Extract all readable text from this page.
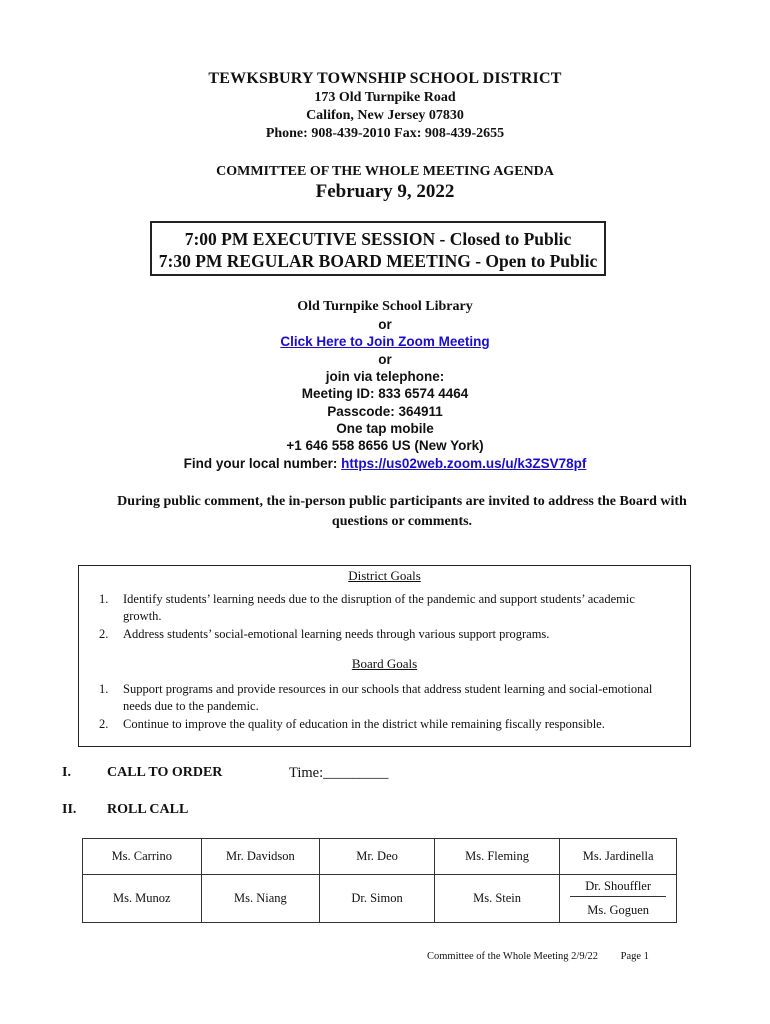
TEWKSBURY TOWNSHIP SCHOOL DISTRICT
173 Old Turnpike Road
Califon, New Jersey 07830
Phone: 908-439-2010 Fax: 908-439-2655
COMMITTEE OF THE WHOLE MEETING AGENDA
February 9, 2022
7:00 PM EXECUTIVE SESSION - Closed to Public
7:30 PM REGULAR BOARD MEETING - Open to Public
Old Turnpike School Library
or
Click Here to Join Zoom Meeting
or
join via telephone:
Meeting ID: 833 6574 4464
Passcode: 364911
One tap mobile
+1 646 558 8656 US (New York)
Find your local number: https://us02web.zoom.us/u/k3ZSV78pf
During public comment, the in-person public participants are invited to address the Board with questions or comments.
District Goals
1. Identify students’ learning needs due to the disruption of the pandemic and support students’ academic growth.
2. Address students’ social-emotional learning needs through various support programs.
Board Goals
1. Support programs and provide resources in our schools that address student learning and social-emotional needs due to the pandemic.
2. Continue to improve the quality of education in the district while remaining fiscally responsible.
I.	CALL TO ORDER	Time:_________
II. ROLL CALL
Ms. Carrino	Mr. Davidson	Mr. Deo	Ms. Fleming	Ms. Jardinella
Ms. Munoz	Ms. Niang	Dr. Simon	Ms. Stein	Dr. Shouffler
Ms. Goguen
Committee of the Whole Meeting 2/9/22 Page 1
